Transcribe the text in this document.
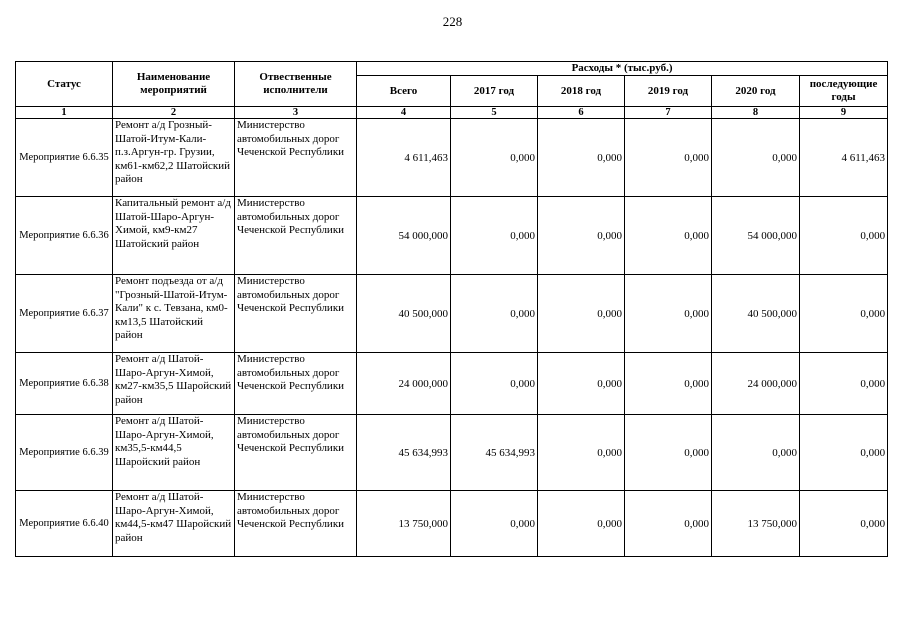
228
Статус	Наименование мероприятий	Отвественные исполнители	Расходы * (тыс.руб.)					
			Всего	2017 год	2018 год	2019 год	2020 год	последующие годы
1	2	3	4	5	6	7	8	9
Мероприятие 6.6.35	Ремонт а/д Грозный-Шатой-Итум-Кали-п.з.Аргун-гр. Грузии, км61-км62,2 Шатойский район	Министерство автомобильных дорог Чеченской Республики	4 611,463	0,000	0,000	0,000	0,000	4 611,463
Мероприятие 6.6.36	Капитальный ремонт а/д Шатой-Шаро-Аргун-Химой, км9-км27 Шатойский район	Министерство автомобильных дорог Чеченской Республики	54 000,000	0,000	0,000	0,000	54 000,000	0,000
Мероприятие 6.6.37	Ремонт подъезда от а/д "Грозный-Шатой-Итум-Кали" к с. Тевзана, км0-км13,5 Шатойский район	Министерство автомобильных дорог Чеченской Республики	40 500,000	0,000	0,000	0,000	40 500,000	0,000
Мероприятие 6.6.38	Ремонт а/д Шатой-Шаро-Аргун-Химой, км27-км35,5 Шаройский район	Министерство автомобильных дорог Чеченской Республики	24 000,000	0,000	0,000	0,000	24 000,000	0,000
Мероприятие 6.6.39	Ремонт а/д Шатой-Шаро-Аргун-Химой, км35,5-км44,5 Шаройский район	Министерство автомобильных дорог Чеченской Республики	45 634,993	45 634,993	0,000	0,000	0,000	0,000
Мероприятие 6.6.40	Ремонт а/д Шатой-Шаро-Аргун-Химой, км44,5-км47 Шаройский район	Министерство автомобильных дорог Чеченской Республики	13 750,000	0,000	0,000	0,000	13 750,000	0,000
